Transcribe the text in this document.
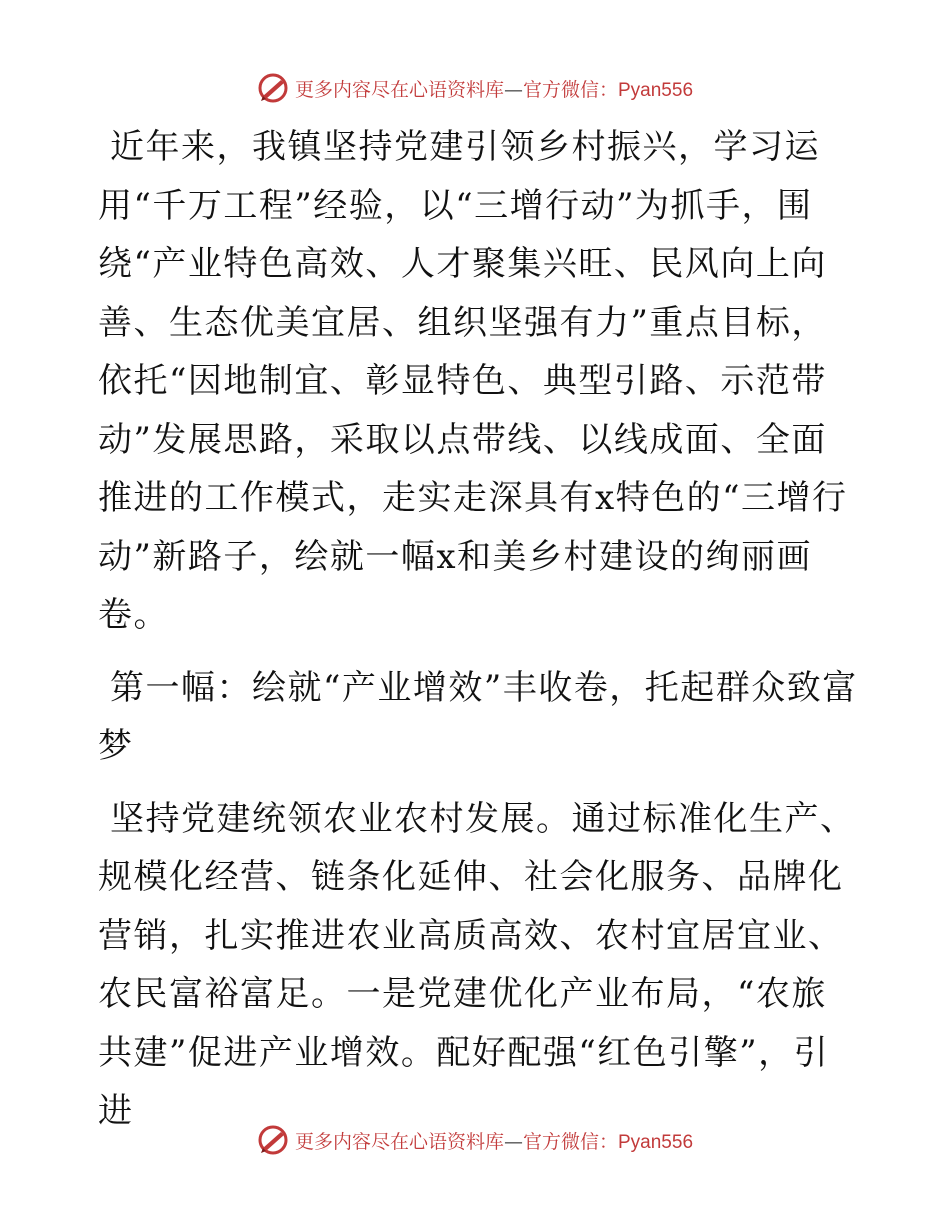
更多内容尽在心语资料库—官方微信：Pyan556

近年来，我镇坚持党建引领乡村振兴，学习运用“千万工程”经验，以“三增行动”为抓手，围绕“产业特色高效、人才聚集兴旺、民风向上向善、生态优美宜居、组织坚强有力”重点目标，依托“因地制宜、彰显特色、典型引路、示范带动”发展思路，采取以点带线、以线成面、全面推进的工作模式，走实走深具有x特色的“三增行动”新路子，绘就一幅x和美乡村建设的绚丽画卷。

第一幅：绘就“产业增效”丰收卷，托起群众致富梦

坚持党建统领农业农村发展。通过标准化生产、规模化经营、链条化延伸、社会化服务、品牌化营销，扎实推进农业高质高效、农村宜居宜业、农民富裕富足。一是党建优化产业布局，“农旅共建”促进产业增效。配好配强“红色引擎”，引进

更多内容尽在心语资料库—官方微信：Pyan556
